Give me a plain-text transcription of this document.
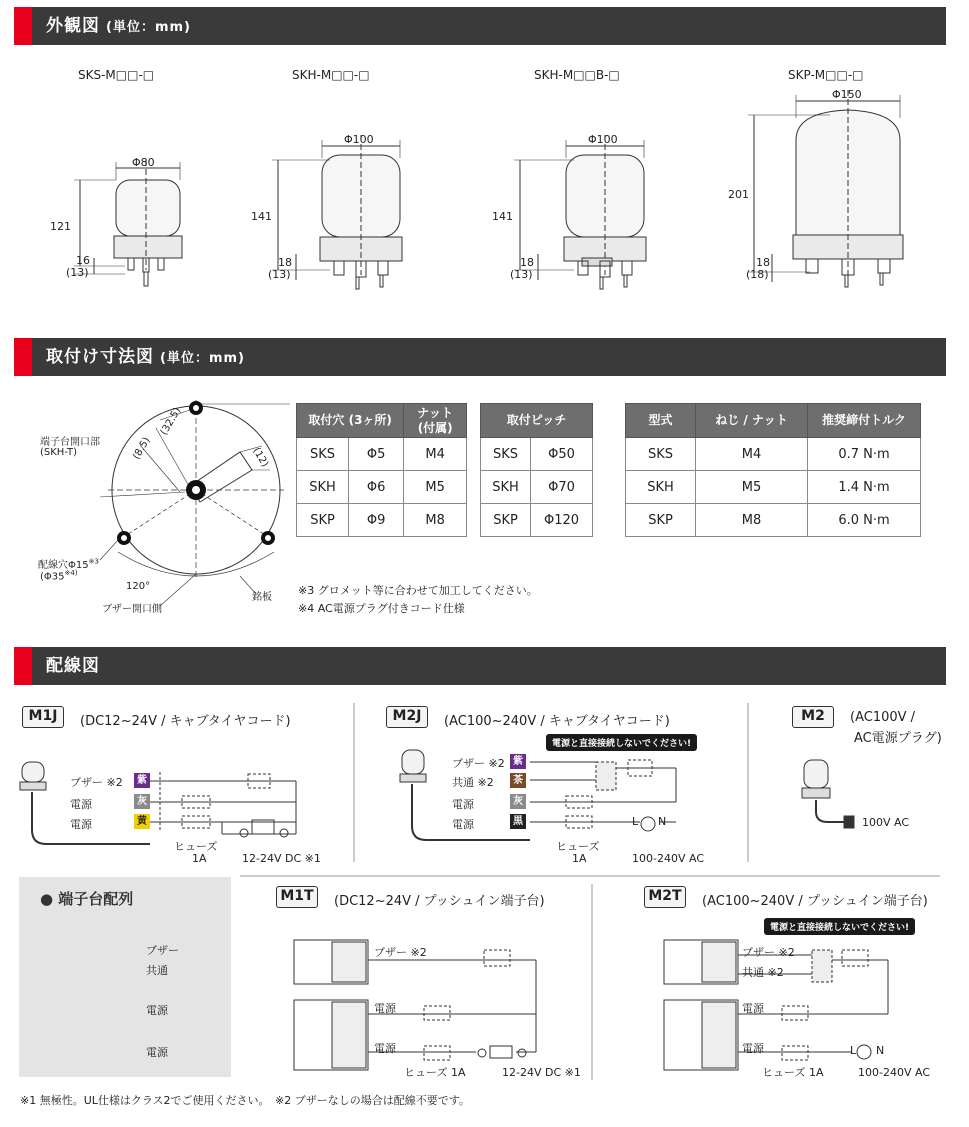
外観図 (単位：mm)
SKS-M□□-□	SKH-M□□-□	SKH-M□□B-□	SKP-M□□-□
Φ80
121
16
(13)
Φ100
141
18
(13)
Φ100
141
18
(13)
Φ150
201
18
(18)
取付け寸法図 (単位：mm)
端子台開口部
(SKH-T)
(32.5)
(8.5)	(12)
配線穴Φ15$^{※3}$
(Φ35$^{※4)}$
120°
ブザー開口側
銘板
取付穴 (3ヶ所)		ナット
(付属)
SKS	Φ5	M4
SKH	Φ6	M5
SKP	Φ9	M8
取付ピッチ	
SKS	Φ50
SKH	Φ70
SKP	Φ120
型式	ねじ / ナット	推奨締付トルク
SKS	M4	0.7 N·m
SKH	M5	1.4 N·m
SKP	M8	6.0 N·m
※3 グロメット等に合わせて加工してください。
※4 AC電源プラグ付きコード仕様
配線図
M1J	(DC12~24V / キャブタイヤコード)
ブザー ※2
電源
電源
紫
灰
黄
ヒューズ
1A	12-24V DC ※1
M2J	(AC100~240V / キャブタイヤコード)
電源と直接接続しないでください!
ブザー ※2
共通 ※2
電源
電源
紫
茶
灰
黒
ヒューズ
1A
L N
100-240V AC
M2	(AC100V /
AC電源プラグ)
100V AC
● 端子台配列
ブザー
共通
電源
電源
M1T	(DC12~24V / プッシュイン端子台)
ブザー ※2
電源
電源
ヒューズ 1A	12-24V DC ※1
M2T	(AC100~240V / プッシュイン端子台)
電源と直接接続しないでください!
ブザー ※2
共通 ※2
電源
電源
ヒューズ 1A
L N
100-240V AC
※1 無極性。UL仕様はクラス2でご使用ください。　※2 ブザーなしの場合は配線不要です。
